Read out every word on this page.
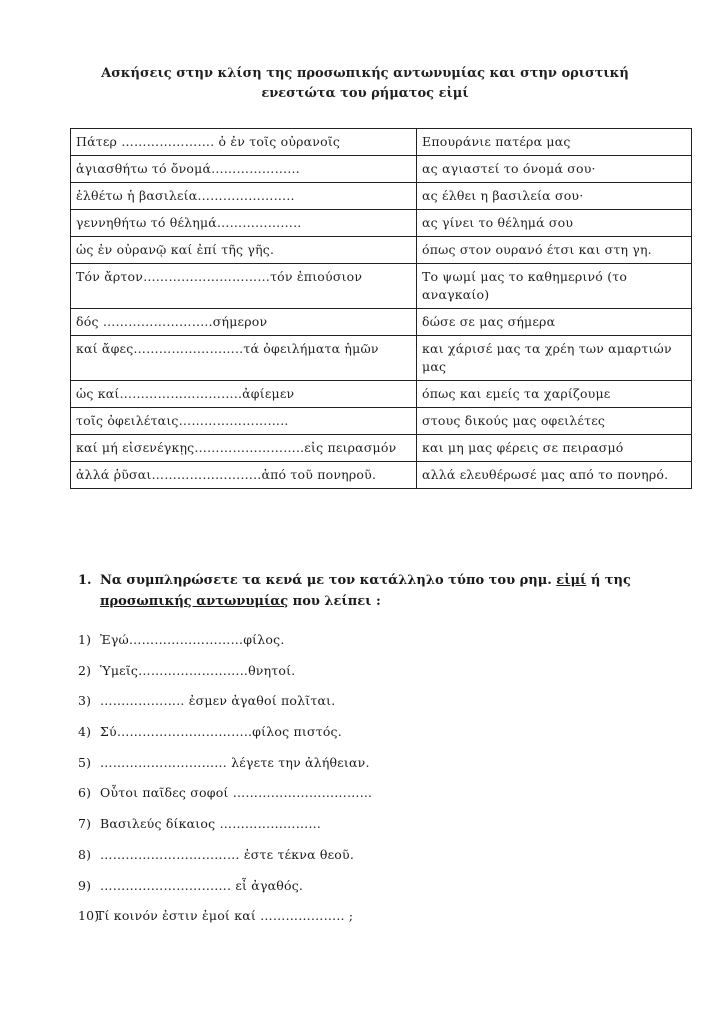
Ασκήσεις στην κλίση της προσωπικής αντωνυμίας και στην οριστική
ενεστώτα του ρήματος εἰμί
Πάτερ …………………. ὁ ἐν τοῖς οὐρανοῖς	Επουράνιε πατέρα μας
ἁγιασθήτω τό ὄνομά…………………	ας αγιαστεί το όνομά σου·
ἐλθέτω ἡ βασιλεία…………………..	ας έλθει η βασιλεία σου·
γεννηθήτω τό θέλημά………………..	ας γίνει το θέλημά σου
ὡς ἐν οὐρανῷ καί ἐπί τῆς γῆς.	όπως στον ουρανό έτσι και στη γη.
Τόν ἄρτον…………………………τόν ἐπιούσιον	Το ψωμί μας το καθημερινό (το αναγκαίο)
δός ……………………..σήμερον	δώσε σε μας σήμερα
καί ἄφες……………………..τά ὀφειλήματα ἡμῶν	και χάρισέ μας τα χρέη των αμαρτιών μας
ὡς καί………………………..ἀφίεμεν	όπως και εμείς τα χαρίζουμε
τοῖς ὀφειλέταις……………………..	στους δικούς μας οφειλέτες
καί μή εἰσενέγκῃς……………………..εἰς πειρασμόν	και μη μας φέρεις σε πειρασμό
ἀλλά ῥῦσαι……………………..ἀπό τοῦ πονηροῦ.	αλλά ελευθέρωσέ μας από το πονηρό.
1. Να συμπληρώσετε τα κενά με τον κατάλληλο τύπο του ρημ. εἰμί ή της προσωπικής αντωνυμίας που λείπει :
1) Ἐγώ………………………φίλος.
2) Ὑμεῖς……………………..θνητοί.
3) ……………….. ἐσμεν ἀγαθοί πολῖται.
4) Σύ…………………………..φίλος πιστός.
5) ………………………… λέγετε την ἀλήθειαν.
6) Οὗτοι παῖδες σοφοί …………………………...
7) Βασιλεύς δίκαιος ……………………
8) …………………………… ἐστε τέκνα θεοῦ.
9) …………………………. εἶ ἀγαθός.
10)Τί κοινόν ἐστιν ἐμοί καί ……………….. ;
